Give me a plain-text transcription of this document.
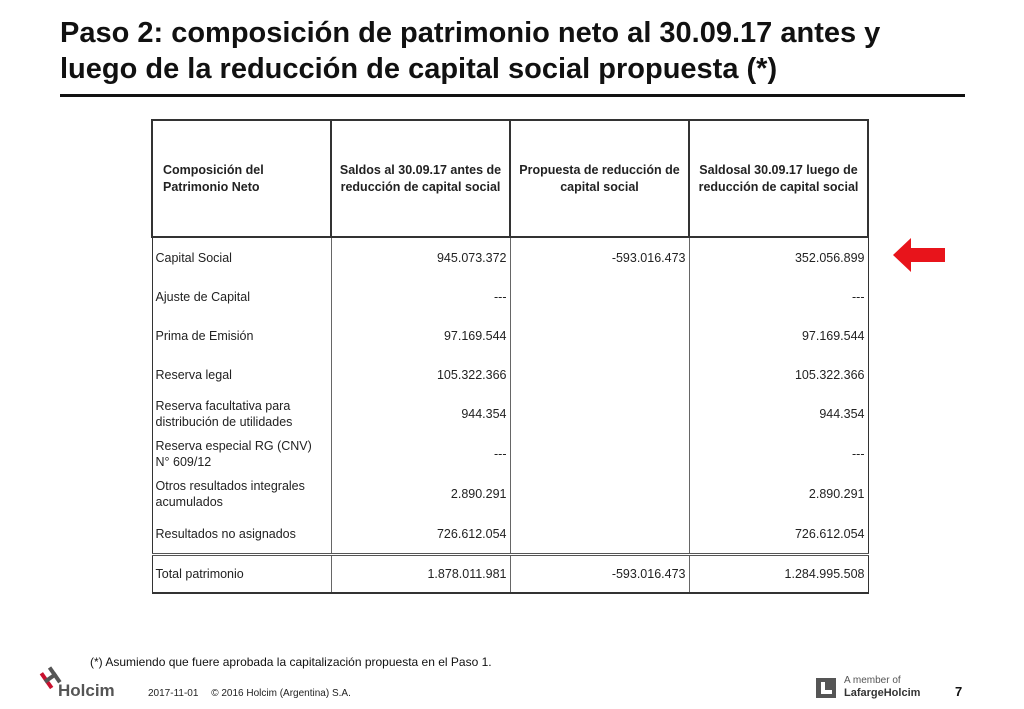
Paso 2: composición de patrimonio neto al 30.09.17 antes y luego de la reducción de capital social propuesta (*)
Composición del Patrimonio Neto	Saldos al 30.09.17 antes de reducción de capital social	Propuesta de reducción de capital social	Saldosal 30.09.17 luego de reducción de capital social
Capital Social	945.073.372	-593.016.473	352.056.899
Ajuste de Capital	---		---
Prima de Emisión	97.169.544		97.169.544
Reserva legal	105.322.366		105.322.366
Reserva facultativa para distribución de utilidades	944.354		944.354
Reserva especial RG (CNV) N° 609/12	---		---
Otros resultados integrales acumulados	2.890.291		2.890.291
Resultados no asignados	726.612.054		726.612.054
Total patrimonio	1.878.011.981	-593.016.473	1.284.995.508
(*) Asumiendo que fuere aprobada la capitalización propuesta en el Paso 1.
Holcim	2017-11-01 © 2016 Holcim (Argentina) S.A.
A member of
LafargeHolcim	7
